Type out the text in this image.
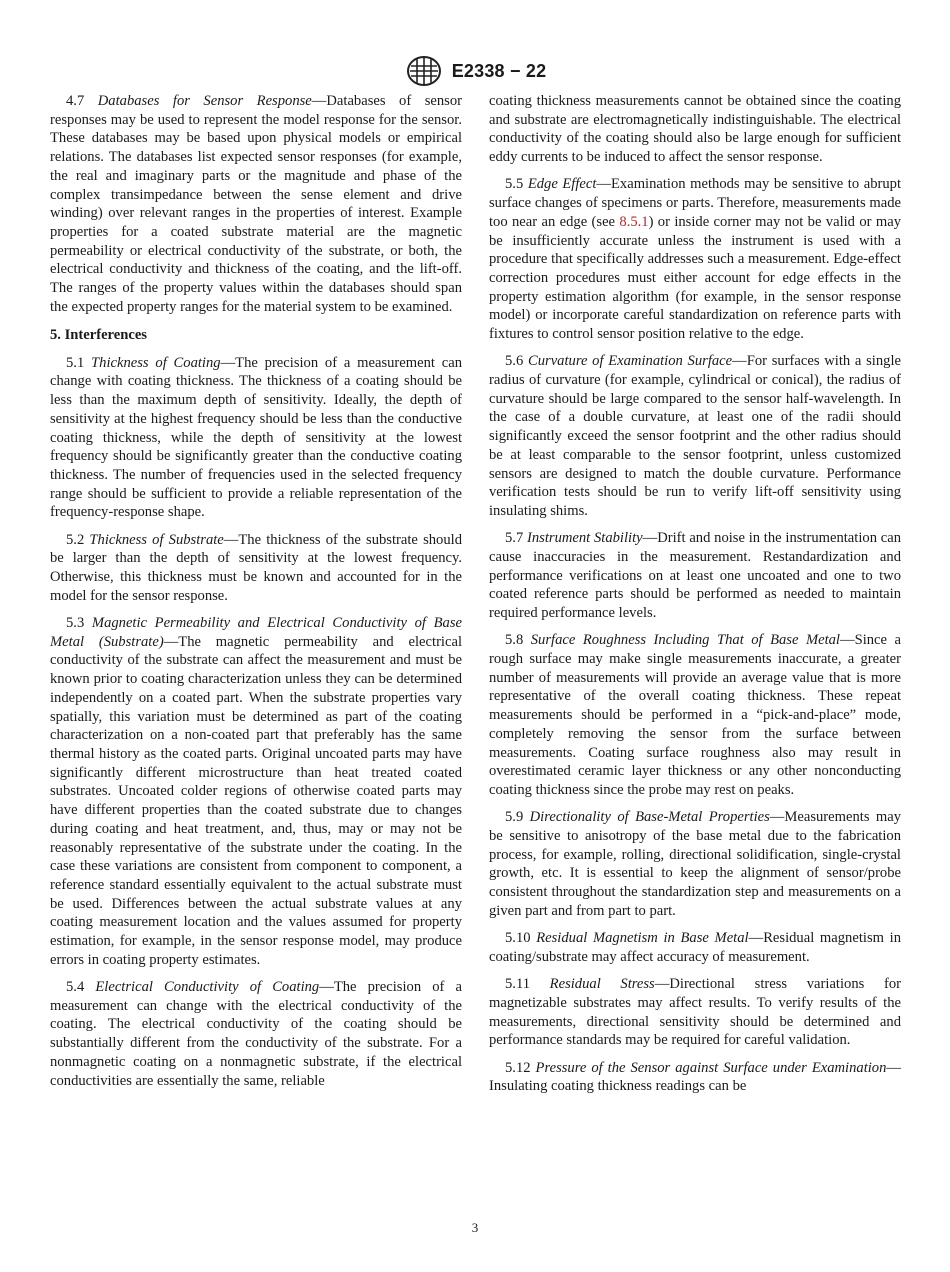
E2338 − 22

4.7 Databases for Sensor Response—Databases of sensor responses may be used to represent the model response for the sensor. These databases may be based upon physical models or empirical relations. The databases list expected sensor responses (for example, the real and imaginary parts or the magnitude and phase of the complex transimpedance between the sense element and drive winding) over relevant ranges in the properties of interest. Example properties for a coated substrate material are the magnetic permeability or electrical conductivity of the substrate, or both, the electrical conductivity and thickness of the coating, and the lift-off. The ranges of the property values within the databases should span the expected property ranges for the material system to be examined.

5. Interferences

5.1 Thickness of Coating—The precision of a measurement can change with coating thickness. The thickness of a coating should be less than the maximum depth of sensitivity. Ideally, the depth of sensitivity at the highest frequency should be less than the conductive coating thickness, while the depth of sensitivity at the lowest frequency should be significantly greater than the conductive coating thickness. The number of frequencies used in the selected frequency range should be sufficient to provide a reliable representation of the frequency-response shape.

5.2 Thickness of Substrate—The thickness of the substrate should be larger than the depth of sensitivity at the lowest frequency. Otherwise, this thickness must be known and accounted for in the model for the sensor response.

5.3 Magnetic Permeability and Electrical Conductivity of Base Metal (Substrate)—The magnetic permeability and electrical conductivity of the substrate can affect the measurement and must be known prior to coating characterization unless they can be determined independently on a coated part. When the substrate properties vary spatially, this variation must be determined as part of the coating characterization on a non-coated part that preferably has the same thermal history as the coated parts. Original uncoated parts may have significantly different microstructure than heat treated coated substrates. Uncoated colder regions of otherwise coated parts may have different properties than the coated substrate due to changes during coating and heat treatment, and, thus, may or may not be reasonably representative of the substrate under the coating. In the case these variations are consistent from component to component, a reference standard essentially equivalent to the actual substrate must be used. Differences between the actual substrate values at any coating measurement location and the values assumed for property estimation, for example, in the sensor response model, may produce errors in coating property estimates.

5.4 Electrical Conductivity of Coating—The precision of a measurement can change with the electrical conductivity of the coating. The electrical conductivity of the coating should be substantially different from the conductivity of the substrate. For a nonmagnetic coating on a nonmagnetic substrate, if the electrical conductivities are essentially the same, reliable

coating thickness measurements cannot be obtained since the coating and substrate are electromagnetically indistinguishable. The electrical conductivity of the coating should also be large enough for sufficient eddy currents to be induced to affect the sensor response.

5.5 Edge Effect—Examination methods may be sensitive to abrupt surface changes of specimens or parts. Therefore, measurements made too near an edge (see 8.5.1) or inside corner may not be valid or may be insufficiently accurate unless the instrument is used with a procedure that specifically addresses such a measurement. Edge-effect correction procedures must either account for edge effects in the property estimation algorithm (for example, in the sensor response model) or incorporate careful standardization on reference parts with fixtures to control sensor position relative to the edge.

5.6 Curvature of Examination Surface—For surfaces with a single radius of curvature (for example, cylindrical or conical), the radius of curvature should be large compared to the sensor half-wavelength. In the case of a double curvature, at least one of the radii should significantly exceed the sensor footprint and the other radius should be at least comparable to the sensor footprint, unless customized sensors are designed to match the double curvature. Performance verification tests should be run to verify lift-off sensitivity using insulating shims.

5.7 Instrument Stability—Drift and noise in the instrumentation can cause inaccuracies in the measurement. Restandardization and performance verifications on at least one uncoated and one to two coated reference parts should be performed as needed to maintain required performance levels.

5.8 Surface Roughness Including That of Base Metal—Since a rough surface may make single measurements inaccurate, a greater number of measurements will provide an average value that is more representative of the overall coating thickness. These repeat measurements should be performed in a “pick-and-place” mode, completely removing the sensor from the surface between measurements. Coating surface roughness also may result in overestimated ceramic layer thickness or any other nonconducting coating thickness since the probe may rest on peaks.

5.9 Directionality of Base-Metal Properties—Measurements may be sensitive to anisotropy of the base metal due to the fabrication process, for example, rolling, directional solidification, single-crystal growth, etc. It is essential to keep the alignment of sensor/probe consistent throughout the standardization step and measurements on a given part and from part to part.

5.10 Residual Magnetism in Base Metal—Residual magnetism in coating/substrate may affect accuracy of measurement.

5.11 Residual Stress—Directional stress variations for magnetizable substrates may affect results. To verify results of the measurements, directional sensitivity should be determined and performance standards may be required for careful validation.

5.12 Pressure of the Sensor against Surface under Examination—Insulating coating thickness readings can be

3
